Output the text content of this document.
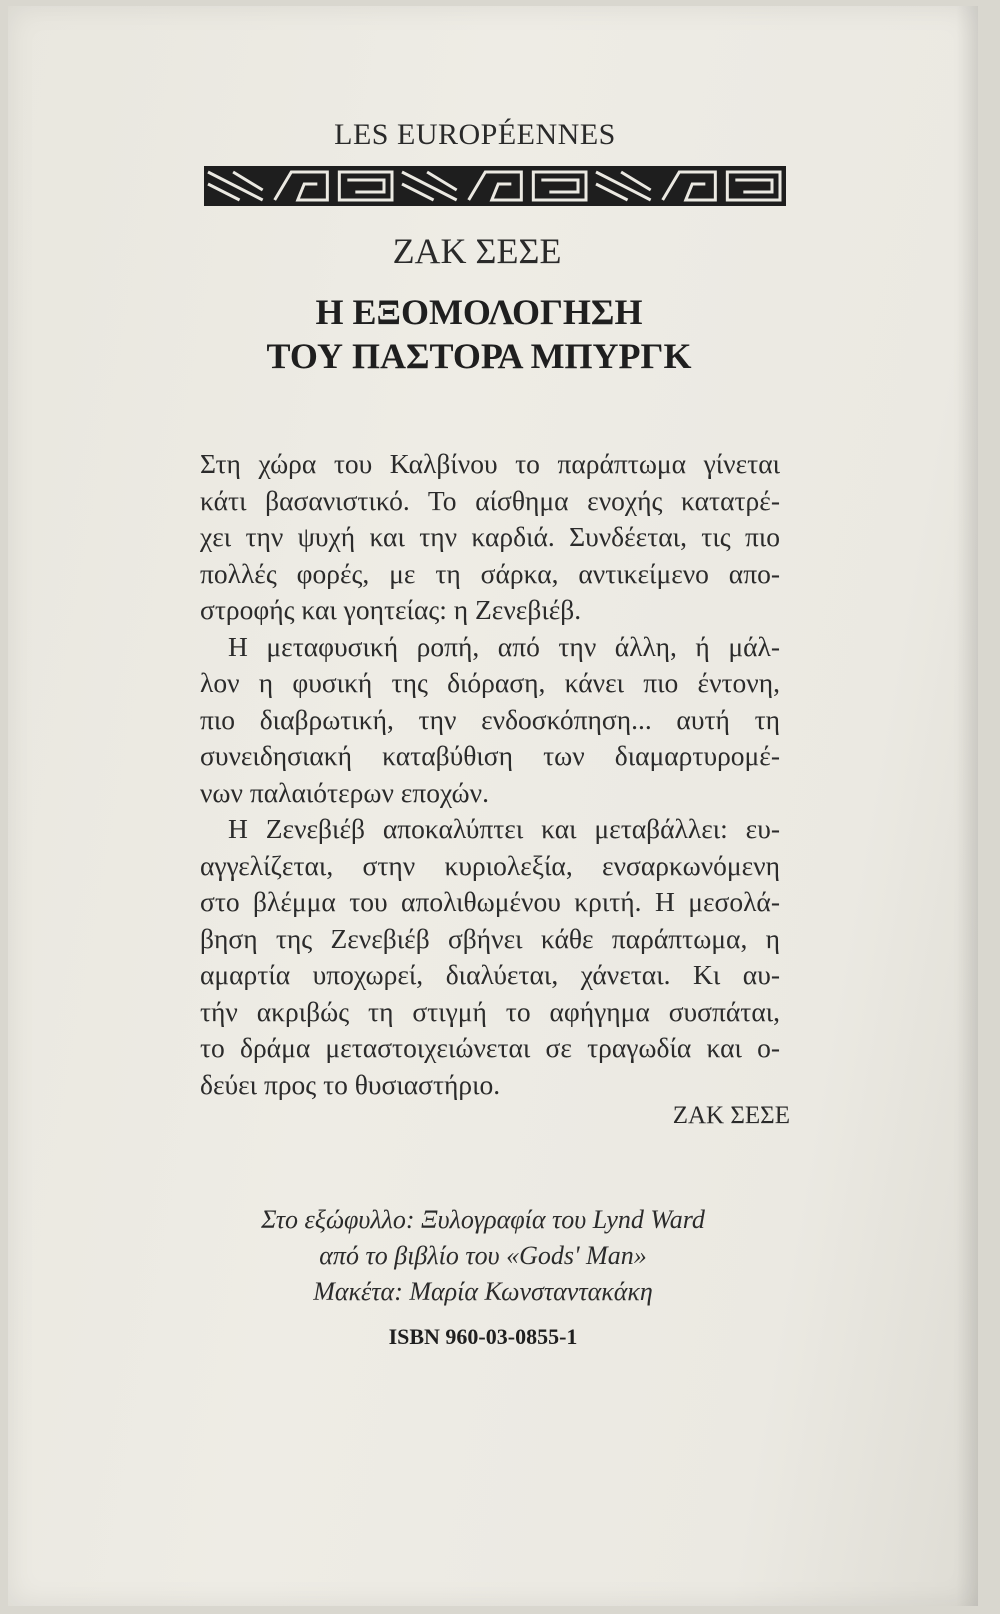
LES EUROPÉENNES
ΖΑΚ ΣΕΣΕ
Η ΕΞΟΜΟΛΟΓΗΣΗ
ΤΟΥ ΠΑΣΤΟΡΑ ΜΠΥΡΓΚ

Στη χώρα του Καλβίνου το παράπτωμα γίνεται
κάτι βασανιστικό. Το αίσθημα ενοχής κατατρέ-
χει την ψυχή και την καρδιά. Συνδέεται, τις πιο
πολλές φορές, με τη σάρκα, αντικείμενο απο-
στροφής και γοητείας: η Ζενεβιέβ.

Η μεταφυσική ροπή, από την άλλη, ή μάλ-
λον η φυσική της διόραση, κάνει πιο έντονη,
πιο διαβρωτική, την ενδοσκόπηση... αυτή τη
συνειδησιακή καταβύθιση των διαμαρτυρομέ-
νων παλαιότερων εποχών.

Η Ζενεβιέβ αποκαλύπτει και μεταβάλλει: ευ-
αγγελίζεται, στην κυριολεξία, ενσαρκωνόμενη
στο βλέμμα του απολιθωμένου κριτή. Η μεσολά-
βηση της Ζενεβιέβ σβήνει κάθε παράπτωμα, η
αμαρτία υποχωρεί, διαλύεται, χάνεται. Κι αυ-
τήν ακριβώς τη στιγμή το αφήγημα συσπάται,
το δράμα μεταστοιχειώνεται σε τραγωδία και ο-
δεύει προς το θυσιαστήριο.

ΖΑΚ ΣΕΣΕ
Στο εξώφυλλο: Ξυλογραφία του Lynd Ward
από το βιβλίο του «Gods' Man»
Μακέτα: Μαρία Κωνσταντακάκη
ISBN 960-03-0855-1
